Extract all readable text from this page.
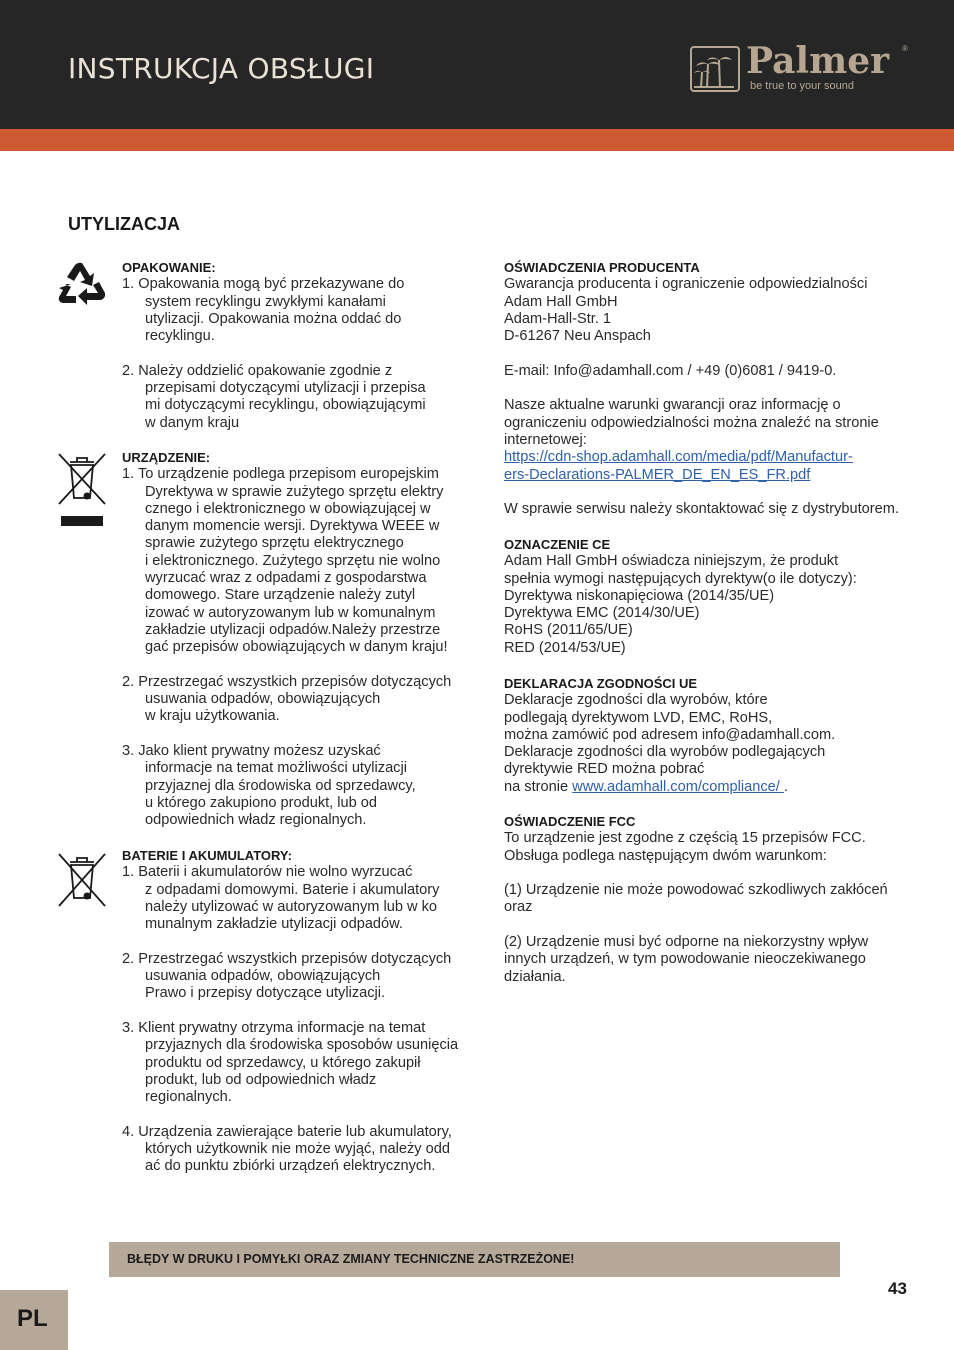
INSTRUKCJA OBSŁUGI	Palmer ®
be true to your sound
UTYLIZACJA
OPAKOWANIE:
1. Opakowania mogą być przekazywane do
system recyklingu zwykłymi kanałami
utylizacji. Opakowania można oddać do
recyklingu.
2. Należy oddzielić opakowanie zgodnie z
przepisami dotyczącymi utylizacji i przepisa
mi dotyczącymi recyklingu, obowiązującymi
w danym kraju
URZĄDZENIE:
1. To urządzenie podlega przepisom europejskim
Dyrektywa w sprawie zużytego sprzętu elektry
cznego i elektronicznego w obowiązującej w
danym momencie wersji. Dyrektywa WEEE w
sprawie zużytego sprzętu elektrycznego
i elektronicznego. Zużytego sprzętu nie wolno
wyrzucać wraz z odpadami z gospodarstwa
domowego. Stare urządzenie należy zutyl
izować w autoryzowanym lub w komunalnym
zakładzie utylizacji odpadów.Należy przestrze
gać przepisów obowiązujących w danym kraju!
2. Przestrzegać wszystkich przepisów dotyczących
usuwania odpadów, obowiązujących
w kraju użytkowania.
3. Jako klient prywatny możesz uzyskać
informacje na temat możliwości utylizacji
przyjaznej dla środowiska od sprzedawcy,
u którego zakupiono produkt, lub od
odpowiednich władz regionalnych.
BATERIE I AKUMULATORY:
1. Baterii i akumulatorów nie wolno wyrzucać
z odpadami domowymi. Baterie i akumulatory
należy utylizować w autoryzowanym lub w ko
munalnym zakładzie utylizacji odpadów.
2. Przestrzegać wszystkich przepisów dotyczących
usuwania odpadów, obowiązujących
Prawo i przepisy dotyczące utylizacji.
3. Klient prywatny otrzyma informacje na temat
przyjaznych dla środowiska sposobów usunięcia
produktu od sprzedawcy, u którego zakupił
produkt, lub od odpowiednich władz
regionalnych.
4. Urządzenia zawierające baterie lub akumulatory,
których użytkownik nie może wyjąć, należy odd
ać do punktu zbiórki urządzeń elektrycznych.
OŚWIADCZENIA PRODUCENTA
Gwarancja producenta i ograniczenie odpowiedzialności
Adam Hall GmbH
Adam-Hall-Str. 1
D-61267 Neu Anspach
E-mail: Info@adamhall.com / +49 (0)6081 / 9419-0.
Nasze aktualne warunki gwarancji oraz informację o
ograniczeniu odpowiedzialności można znaleźć na stronie
internetowej:
https://cdn-shop.adamhall.com/media/pdf/Manufactur-
ers-Declarations-PALMER_DE_EN_ES_FR.pdf
W sprawie serwisu należy skontaktować się z dystrybutorem.
OZNACZENIE CE
Adam Hall GmbH oświadcza niniejszym, że produkt
spełnia wymogi następujących dyrektyw(o ile dotyczy):
Dyrektywa niskonapięciowa (2014/35/UE)
Dyrektywa EMC (2014/30/UE)
RoHS (2011/65/UE)
RED (2014/53/UE)
DEKLARACJA ZGODNOŚCI UE
Deklaracje zgodności dla wyrobów, które
podlegają dyrektywom LVD, EMC, RoHS,
można zamówić pod adresem info@adamhall.com.
Deklaracje zgodności dla wyrobów podlegających
dyrektywie RED można pobrać
na stronie www.adamhall.com/compliance/ .
OŚWIADCZENIE FCC
To urządzenie jest zgodne z częścią 15 przepisów FCC.
Obsługa podlega następującym dwóm warunkom:
(1) Urządzenie nie może powodować szkodliwych zakłóceń
oraz
(2) Urządzenie musi być odporne na niekorzystny wpływ
innych urządzeń, w tym powodowanie nieoczekiwanego
działania.
BŁĘDY W DRUKU I POMYŁKI ORAZ ZMIANY TECHNICZNE ZASTRZEŻONE!
43
PL
